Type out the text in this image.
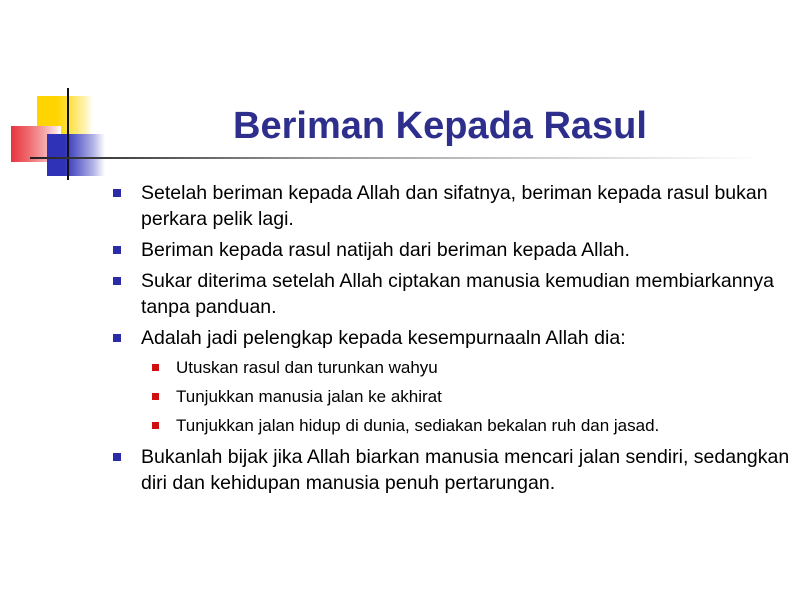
Beriman Kepada Rasul
Setelah beriman kepada Allah dan sifatnya, beriman kepada rasul bukan perkara pelik lagi.
Beriman kepada rasul natijah dari beriman kepada Allah.
Sukar diterima setelah Allah ciptakan manusia kemudian membiarkannya tanpa panduan.
Adalah jadi pelengkap kepada kesempurnaaln Allah dia:
Utuskan rasul dan turunkan wahyu
Tunjukkan manusia jalan ke akhirat
Tunjukkan jalan hidup di dunia, sediakan bekalan ruh dan jasad.
Bukanlah bijak jika Allah biarkan manusia mencari jalan sendiri, sedangkan diri dan kehidupan manusia penuh pertarungan.
